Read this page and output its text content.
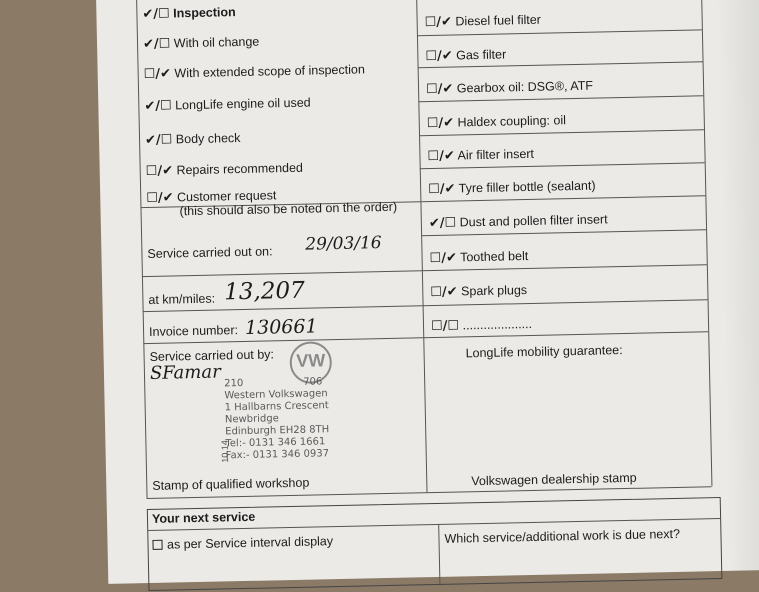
✔/☐ Inspection
✔/☐ With oil change
☐/✔ With extended scope of inspection
✔/☐ LongLife engine oil used
✔/☐ Body check
☐/✔ Repairs recommended
☐/✔ Customer request
(this should also be noted on the order)
Service carried out on: 29/03/16
at km/miles: 13,207
Invoice number: 130661
Service carried out by:
SFamar
VW
210	706
Western Volkswagen
1 Hallbarns Crescent
Newbridge
Edinburgh EH28 8TH
Tel:- 0131 346 1661
Fax:- 0131 346 0937
10.14
Stamp of qualified workshop
☐/✔ Diesel fuel filter
☐/✔ Gas filter
☐/✔ Gearbox oil: DSG®, ATF
☐/✔ Haldex coupling: oil
☐/✔ Air filter insert
☐/✔ Tyre filler bottle (sealant)
✔/☐ Dust and pollen filter insert
☐/✔ Toothed belt
☐/✔ Spark plugs
☐/☐ ....................
LongLife mobility guarantee:
Volkswagen dealership stamp
Your next service
as per Service interval display	Which service/additional work is due next?
